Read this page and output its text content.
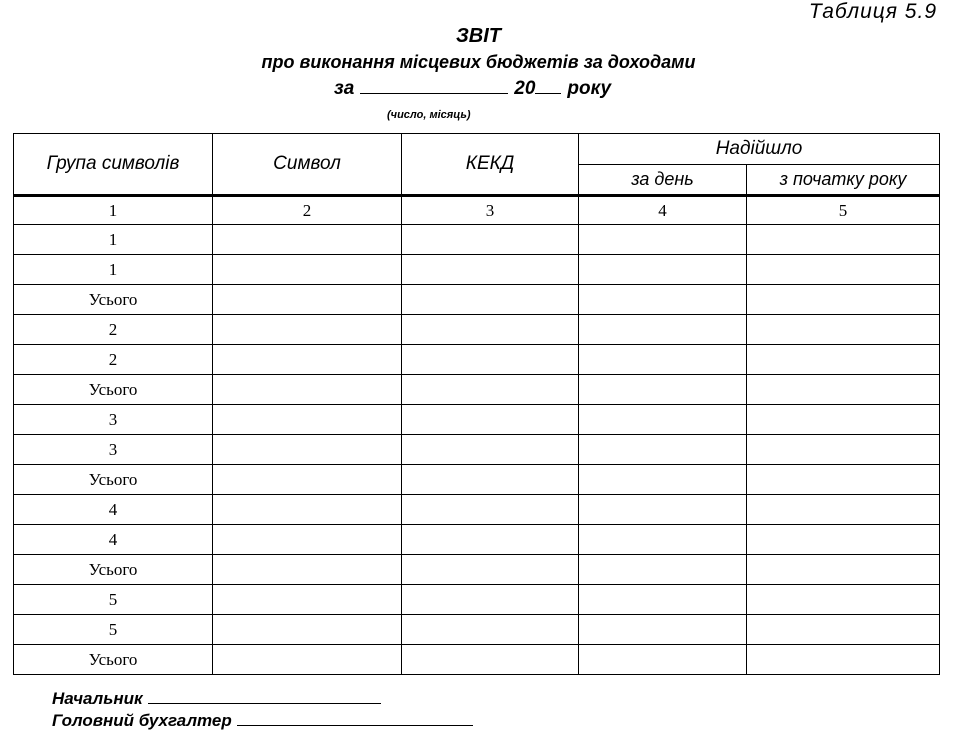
Таблиця 5.9
ЗВІТ
про виконання місцевих бюджетів за доходами
за	20 року
(число, місяць)
Група символів	Символ	КЕКД	Надійшло	
			за день	з початку року
1	2	3	4	5
1				
1				
Усього				
2				
2				
Усього				
3				
3				
Усього				
4				
4				
Усього				
5				
5				
Усього				
Начальник
Головний бухгалтер
